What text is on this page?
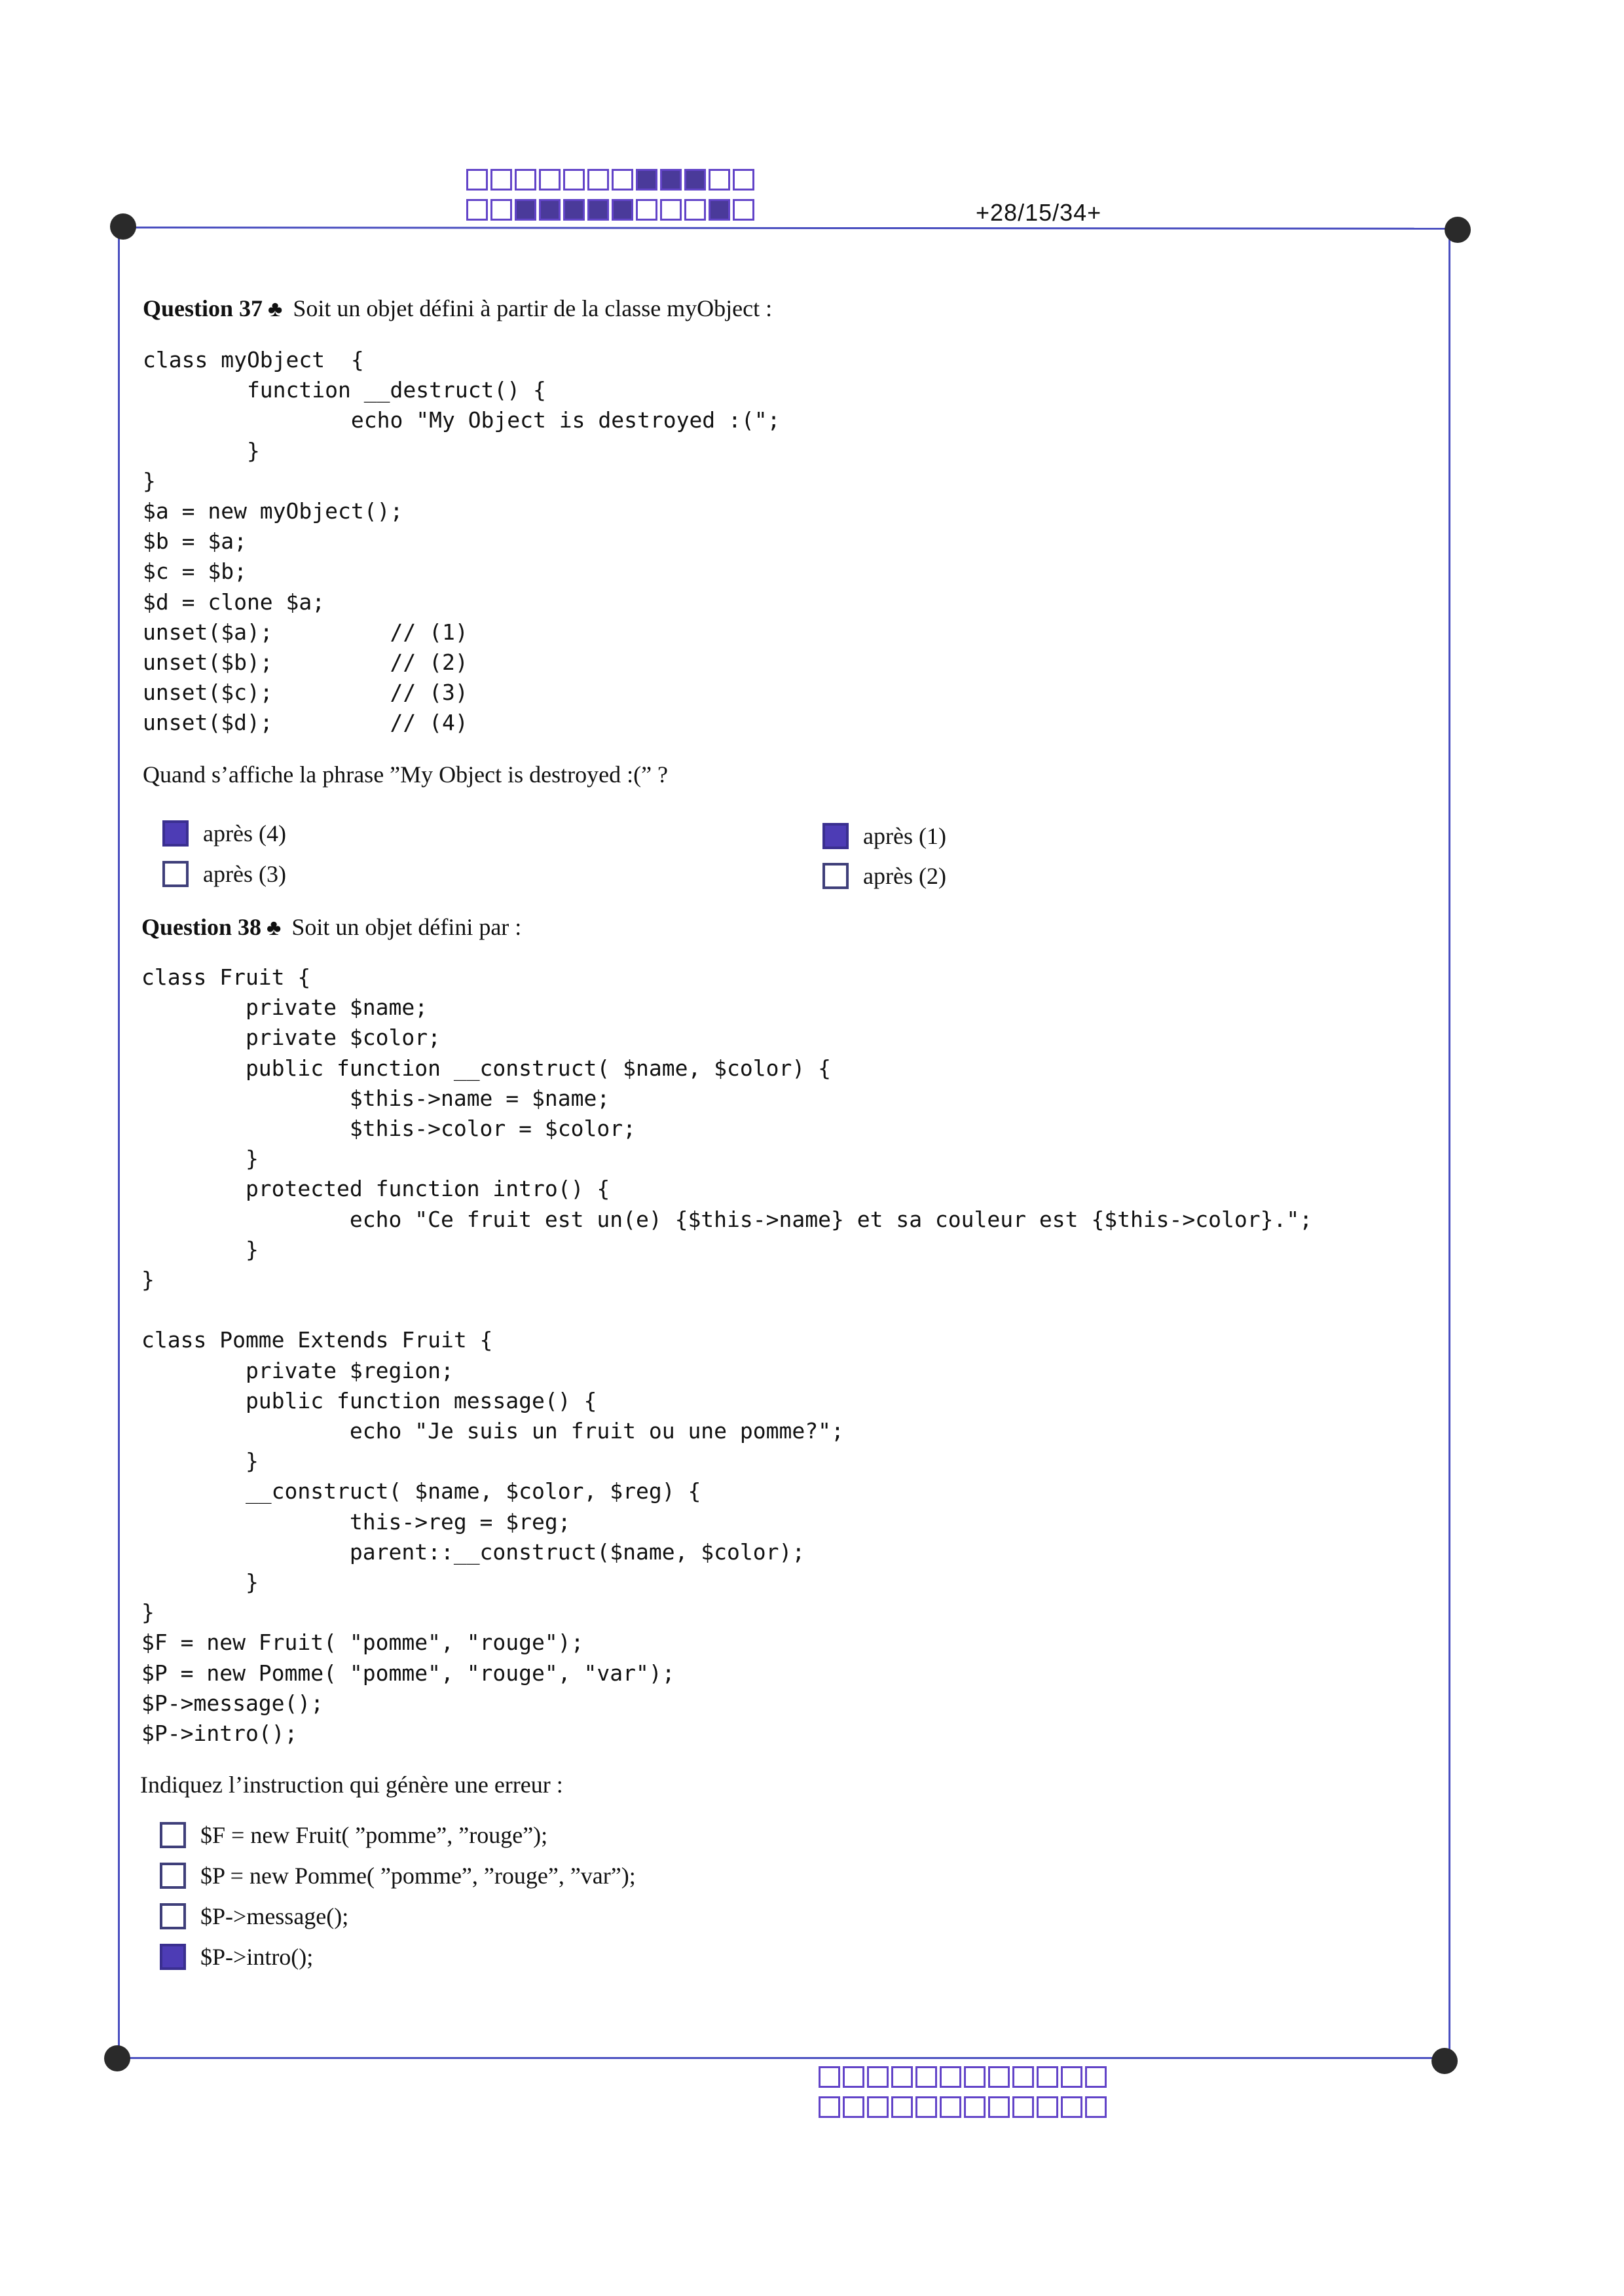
+28/15/34+
Question 37 ♣ Soit un objet défini à partir de la classe myObject :
class myObject  {
function __destruct() {
echo "My Object is destroyed :(";
}
}
$a = new myObject();
$b = $a;
$c = $b;
$d = clone $a;
unset($a);         // (1)
unset($b);         // (2)
unset($c);         // (3)
unset($d);         // (4)
Quand s’affiche la phrase ”My Object is destroyed :(” ?
après (4)
après (3)
après (1)
après (2)
Question 38 ♣ Soit un objet défini par :
class Fruit {
private $name;
private $color;
public function __construct( $name, $color) {
$this->name = $name;
$this->color = $color;
}
protected function intro() {
echo "Ce fruit est un(e) {$this->name} et sa couleur est {$this->color}.";
}
}

class Pomme Extends Fruit {
private $region;
public function message() {
echo "Je suis un fruit ou une pomme?";
}
__construct( $name, $color, $reg) {
this->reg = $reg;
parent::__construct($name, $color);
}
}
$F = new Fruit( "pomme", "rouge");
$P = new Pomme( "pomme", "rouge", "var");
$P->message();
$P->intro();
Indiquez l’instruction qui génère une erreur :
$F = new Fruit( ”pomme”, ”rouge”);
$P = new Pomme( ”pomme”, ”rouge”, ”var”);
$P->message();
$P->intro();
